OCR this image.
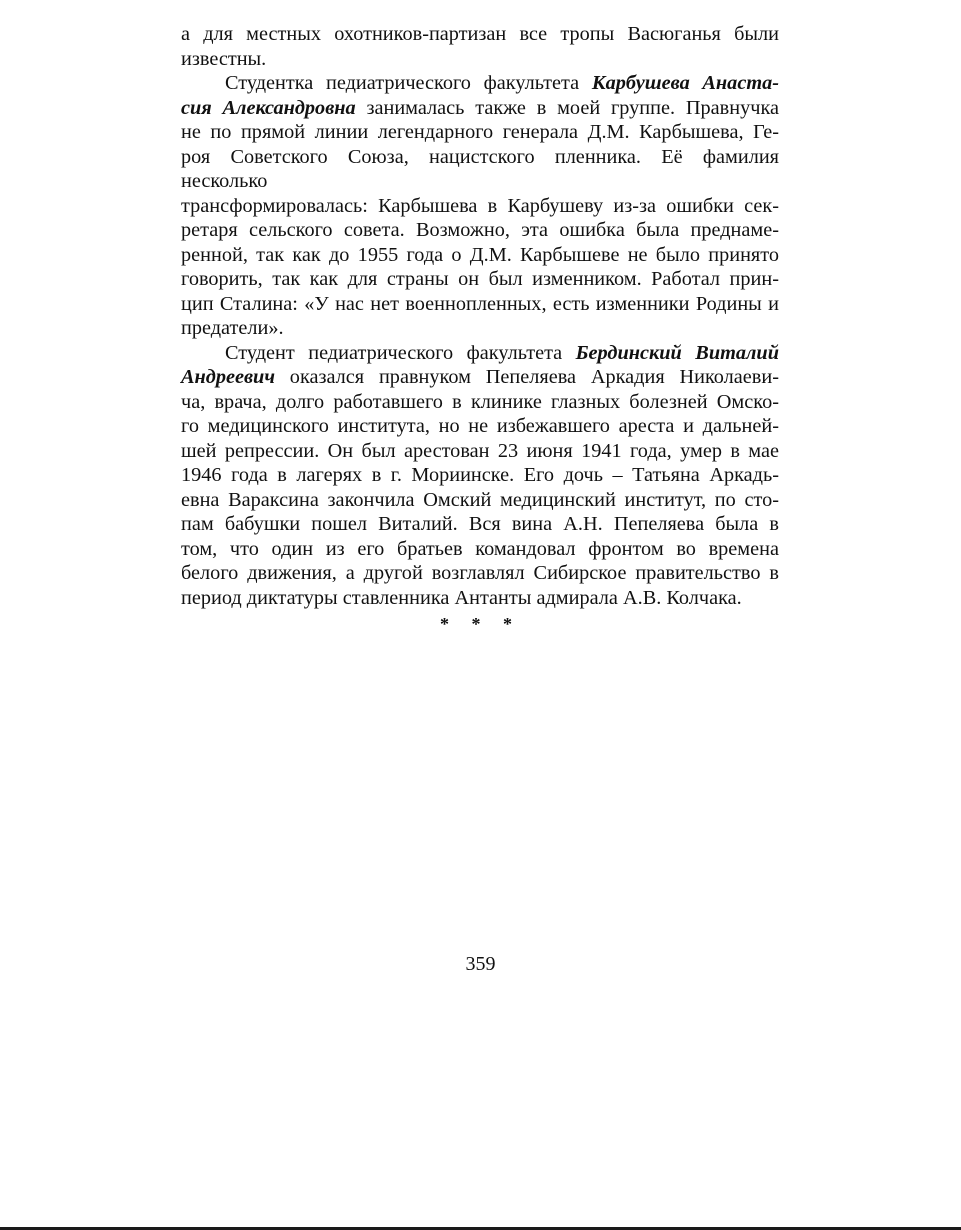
а для местных охотников-партизан все тропы Васюганья были
известны.
Студентка педиатрического факультета Карбушева Анаста-
сия Александровна занималась также в моей группе. Правнучка
не по прямой линии легендарного генерала Д.М. Карбышева, Ге-
роя Советского Союза, нацистского пленника. Её фамилия несколько
трансформировалась: Карбышева в Карбушеву из-за ошибки сек-
ретаря сельского совета. Возможно, эта ошибка была преднаме-
ренной, так как до 1955 года о Д.М. Карбышеве не было принято
говорить, так как для страны он был изменником. Работал прин-
цип Сталина: «У нас нет военнопленных, есть изменники Родины и
предатели».
Студент педиатрического факультета Бердинский Виталий
Андреевич оказался правнуком Пепеляева Аркадия Николаеви-
ча, врача, долго работавшего в клинике глазных болезней Омско-
го медицинского института, но не избежавшего ареста и дальней-
шей репрессии. Он был арестован 23 июня 1941 года, умер в мае
1946 года в лагерях в г. Мориинске. Его дочь – Татьяна Аркадь-
евна Вараксина закончила Омский медицинский институт, по сто-
пам бабушки пошел Виталий. Вся вина А.Н. Пепеляева была в
том, что один из его братьев командовал фронтом во времена
белого движения, а другой возглавлял Сибирское правительство в
период диктатуры ставленника Антанты адмирала А.В. Колчака.
* * *
359
